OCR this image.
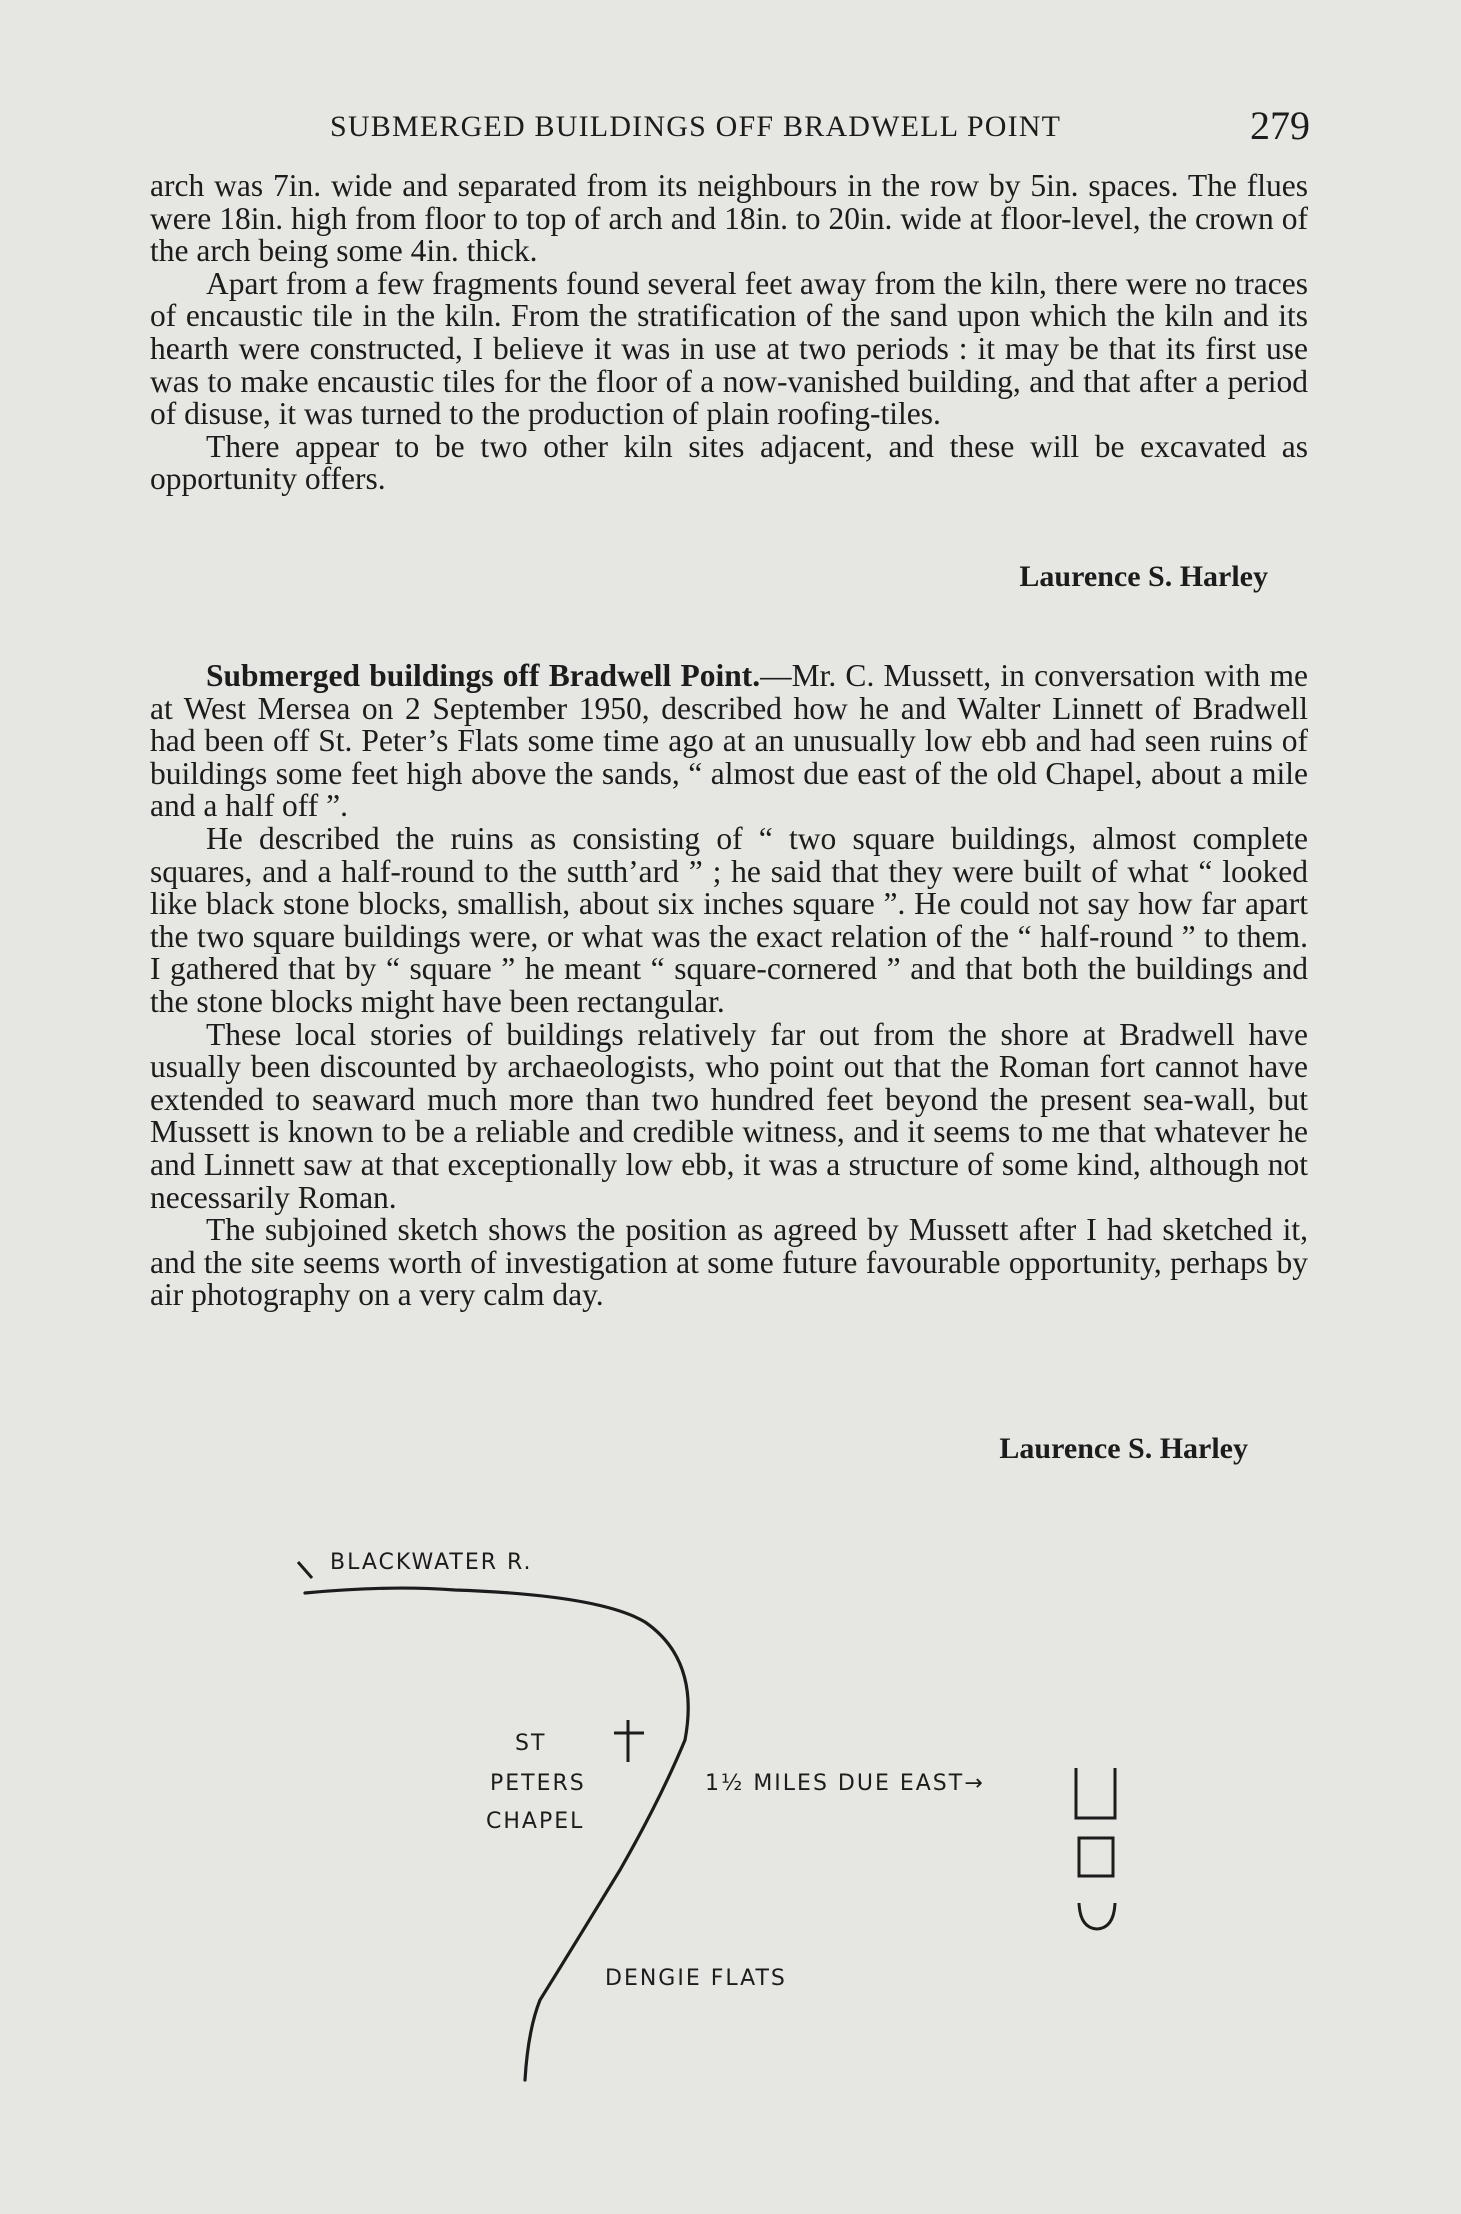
SUBMERGED BUILDINGS OFF BRADWELL POINT	279

arch was 7in. wide and separated from its neighbours in the row by 5in. spaces. The flues were 18in. high from floor to top of arch and 18in. to 20in. wide at floor-level, the crown of the arch being some 4in. thick.

Apart from a few fragments found several feet away from the kiln, there were no traces of encaustic tile in the kiln. From the stratification of the sand upon which the kiln and its hearth were constructed, I believe it was in use at two periods : it may be that its first use was to make encaustic tiles for the floor of a now-vanished building, and that after a period of disuse, it was turned to the production of plain roofing-tiles.

There appear to be two other kiln sites adjacent, and these will be excavated as opportunity offers.

Laurence S. Harley

Submerged buildings off Bradwell Point.—Mr. C. Mussett, in conversation with me at West Mersea on 2 September 1950, described how he and Walter Linnett of Bradwell had been off St. Peter’s Flats some time ago at an unusually low ebb and had seen ruins of buildings some feet high above the sands, “ almost due east of the old Chapel, about a mile and a half off ”.

He described the ruins as consisting of “ two square buildings, almost complete squares, and a half-round to the sutth’ard ” ; he said that they were built of what “ looked like black stone blocks, smallish, about six inches square ”. He could not say how far apart the two square buildings were, or what was the exact relation of the “ half-round ” to them. I gathered that by “ square ” he meant “ square-cornered ” and that both the buildings and the stone blocks might have been rectangular.

These local stories of buildings relatively far out from the shore at Bradwell have usually been discounted by archaeologists, who point out that the Roman fort cannot have extended to seaward much more than two hundred feet beyond the present sea-wall, but Mussett is known to be a reliable and credible witness, and it seems to me that whatever he and Linnett saw at that exceptionally low ebb, it was a structure of some kind, although not necessarily Roman.

The subjoined sketch shows the position as agreed by Mussett after I had sketched it, and the site seems worth of investigation at some future favourable opportunity, perhaps by air photography on a very calm day.

Laurence S. Harley

BLACKWATER R.
ST
PETERS
CHAPEL
1½ MILES DUE EAST→
DENGIE FLATS
